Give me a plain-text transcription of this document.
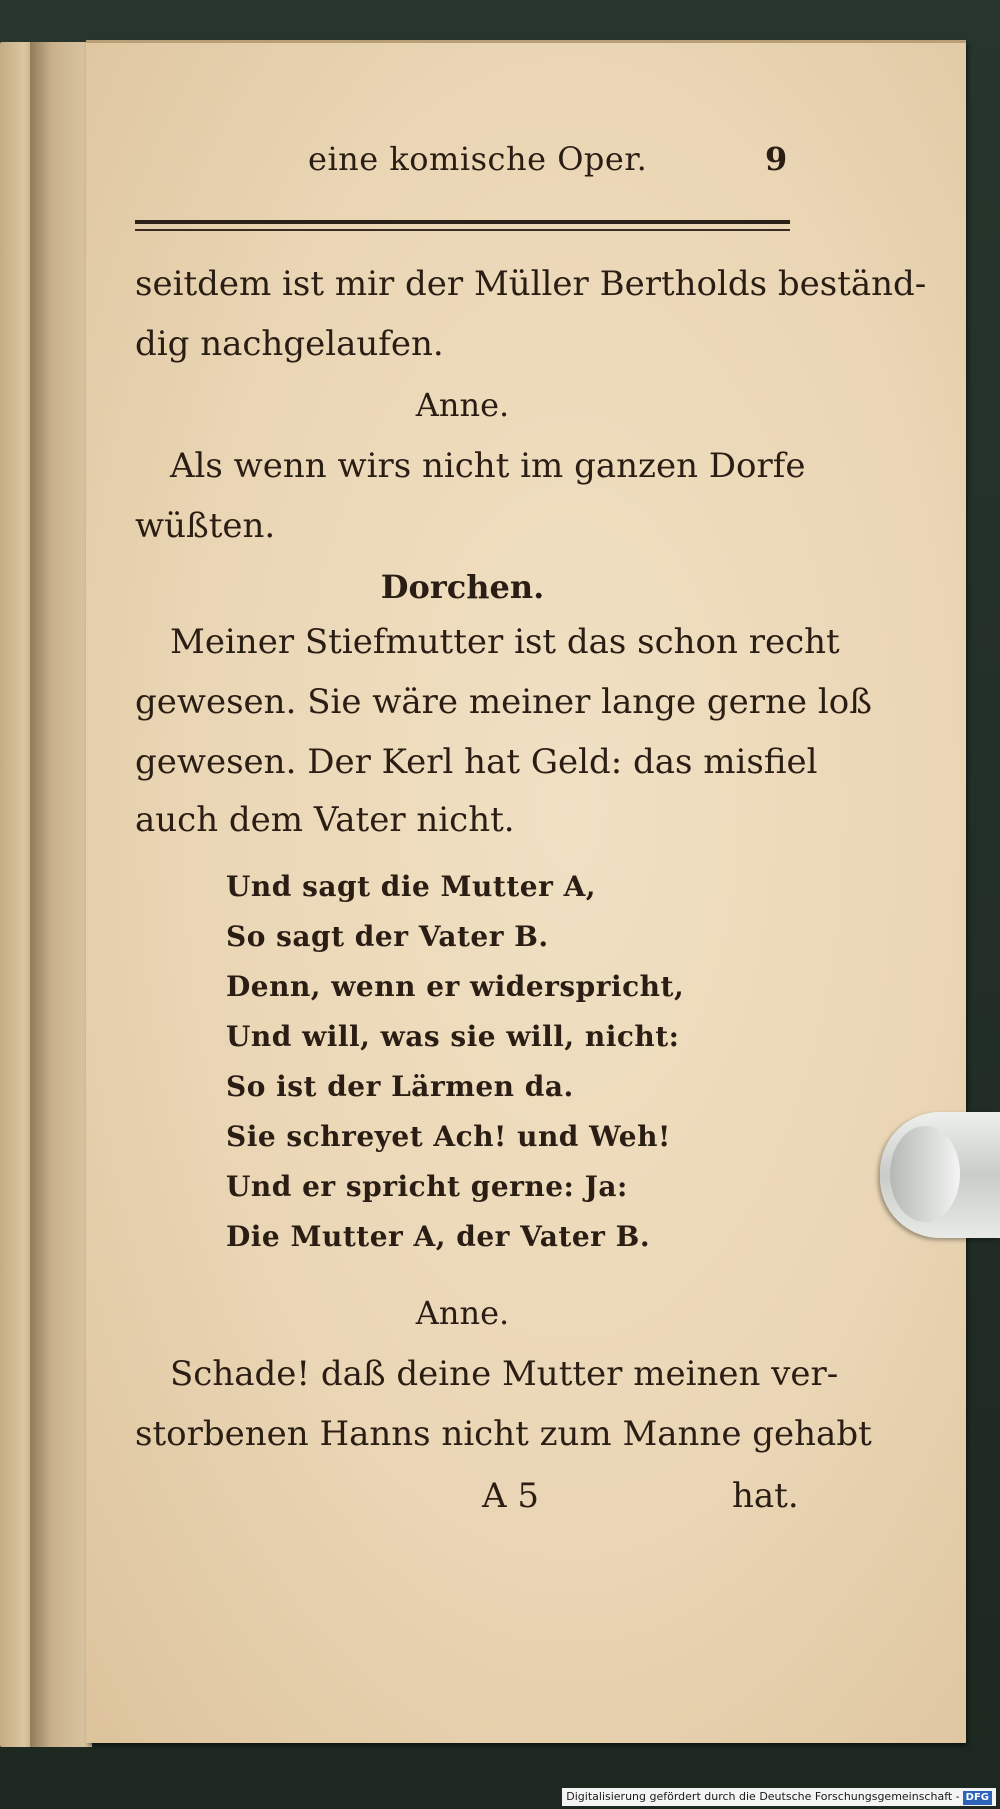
eine komische Oper.	9
seitdem ist mir der Müller Bertholds beständ-
dig nachgelaufen.
Anne.
Als wenn wirs nicht im ganzen Dorfe
wüßten.
Dorchen.
Meiner Stiefmutter ist das schon recht
gewesen. Sie wäre meiner lange gerne loß
gewesen. Der Kerl hat Geld: das misfiel
auch dem Vater nicht.
Und sagt die Mutter A,
So sagt der Vater B.
Denn, wenn er widerspricht,
Und will, was sie will, nicht:
So ist der Lärmen da.
Sie schreyet Ach! und Weh!
Und er spricht gerne: Ja:
Die Mutter A, der Vater B.
Anne.
Schade! daß deine Mutter meinen ver-
storbenen Hanns nicht zum Manne gehabt
A 5	hat.
Digitalisierung gefördert durch die Deutsche Forschungsgemeinschaft - DFG
